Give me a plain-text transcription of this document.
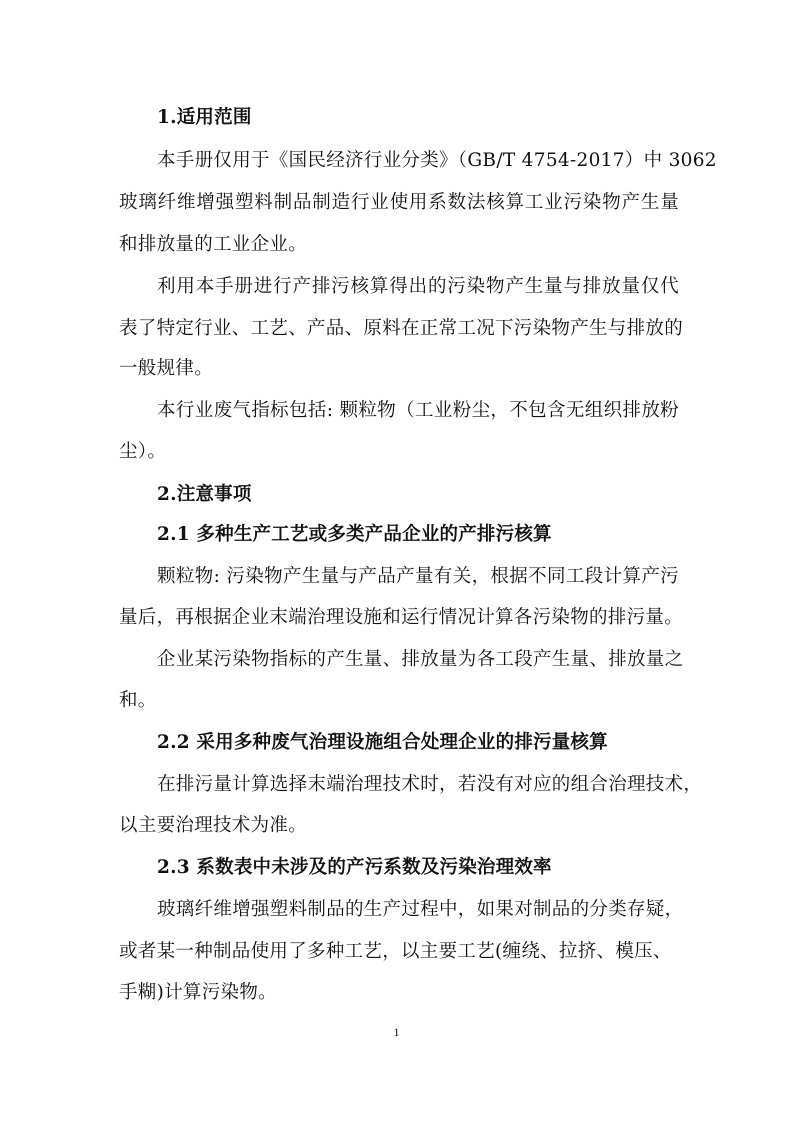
1.适用范围
本手册仅用于《国民经济行业分类》（GB/T 4754-2017）中 3062
玻璃纤维增强塑料制品制造行业使用系数法核算工业污染物产生量
和排放量的工业企业。
利用本手册进行产排污核算得出的污染物产生量与排放量仅代
表了特定行业、工艺、产品、原料在正常工况下污染物产生与排放的
一般规律。
本行业废气指标包括: 颗粒物（工业粉尘，不包含无组织排放粉
尘）。
2.注意事项
2.1 多种生产工艺或多类产品企业的产排污核算
颗粒物: 污染物产生量与产品产量有关，根据不同工段计算产污
量后，再根据企业末端治理设施和运行情况计算各污染物的排污量。
企业某污染物指标的产生量、排放量为各工段产生量、排放量之
和。
2.2 采用多种废气治理设施组合处理企业的排污量核算
在排污量计算选择末端治理技术时，若没有对应的组合治理技术，
以主要治理技术为准。
2.3 系数表中未涉及的产污系数及污染治理效率
玻璃纤维增强塑料制品的生产过程中，如果对制品的分类存疑，
或者某一种制品使用了多种工艺，以主要工艺(缠绕、拉挤、模压、
手糊)计算污染物。
1
